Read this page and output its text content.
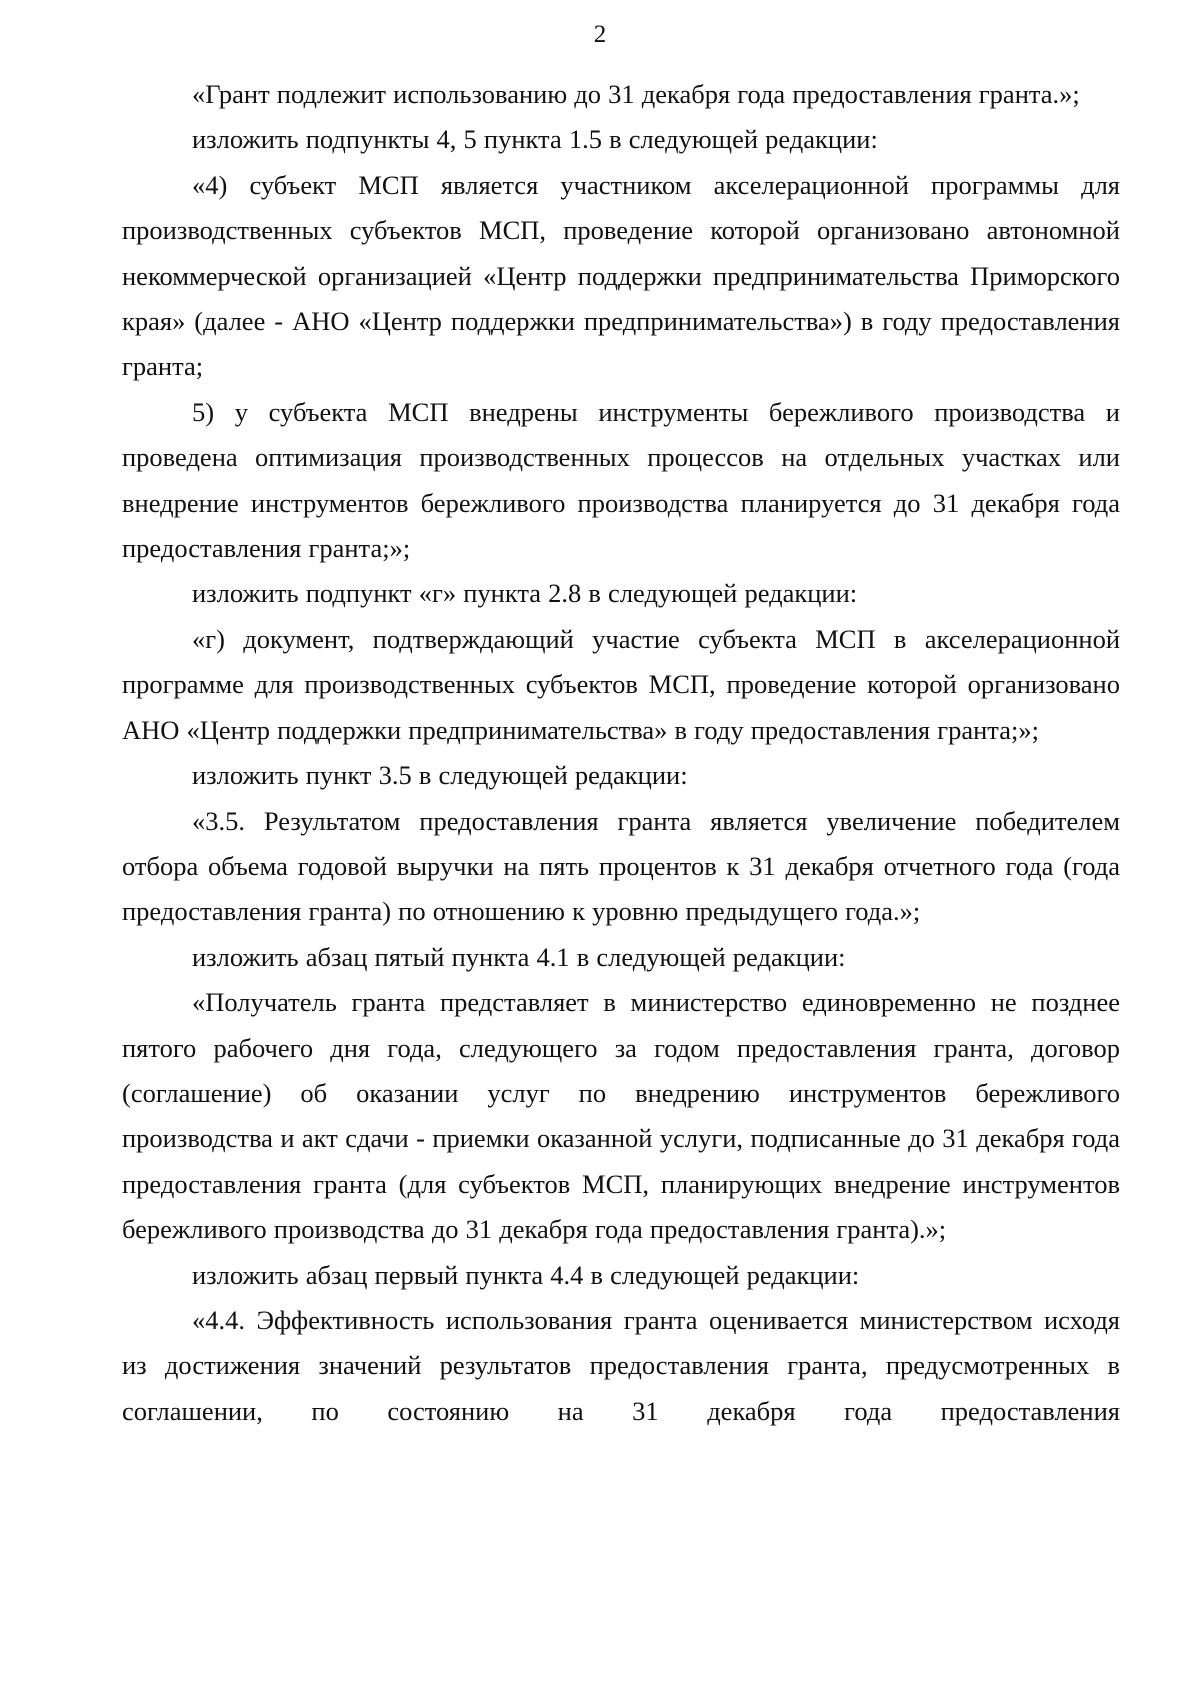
2

«Грант подлежит использованию до 31 декабря года предоставления гранта.»;

изложить подпункты 4, 5 пункта 1.5 в следующей редакции:

«4) субъект МСП является участником акселерационной программы для производственных субъектов МСП, проведение которой организовано автономной некоммерческой организацией «Центр поддержки предпринимательства Приморского края» (далее - АНО «Центр поддержки предпринимательства») в году предоставления гранта;

5) у субъекта МСП внедрены инструменты бережливого производства и проведена оптимизация производственных процессов на отдельных участках или внедрение инструментов бережливого производства планируется до 31 декабря года предоставления гранта;»;

изложить подпункт «г» пункта 2.8 в следующей редакции:

«г) документ, подтверждающий участие субъекта МСП в акселерационной программе для производственных субъектов МСП, проведение которой организовано АНО «Центр поддержки предпринимательства» в году предоставления гранта;»;

изложить пункт 3.5 в следующей редакции:

«3.5. Результатом предоставления гранта является увеличение победителем отбора объема годовой выручки на пять процентов к 31 декабря отчетного года (года предоставления гранта) по отношению к уровню предыдущего года.»;

изложить абзац пятый пункта 4.1 в следующей редакции:

«Получатель гранта представляет в министерство единовременно не позднее пятого рабочего дня года, следующего за годом предоставления гранта, договор (соглашение) об оказании услуг по внедрению инструментов бережливого производства и акт сдачи - приемки оказанной услуги, подписанные до 31 декабря года предоставления гранта (для субъектов МСП, планирующих внедрение инструментов бережливого производства до 31 декабря года предоставления гранта).»;

изложить абзац первый пункта 4.4 в следующей редакции:

«4.4. Эффективность использования гранта оценивается министерством исходя из достижения значений результатов предоставления гранта, предусмотренных в соглашении, по состоянию на 31 декабря года предоставления
